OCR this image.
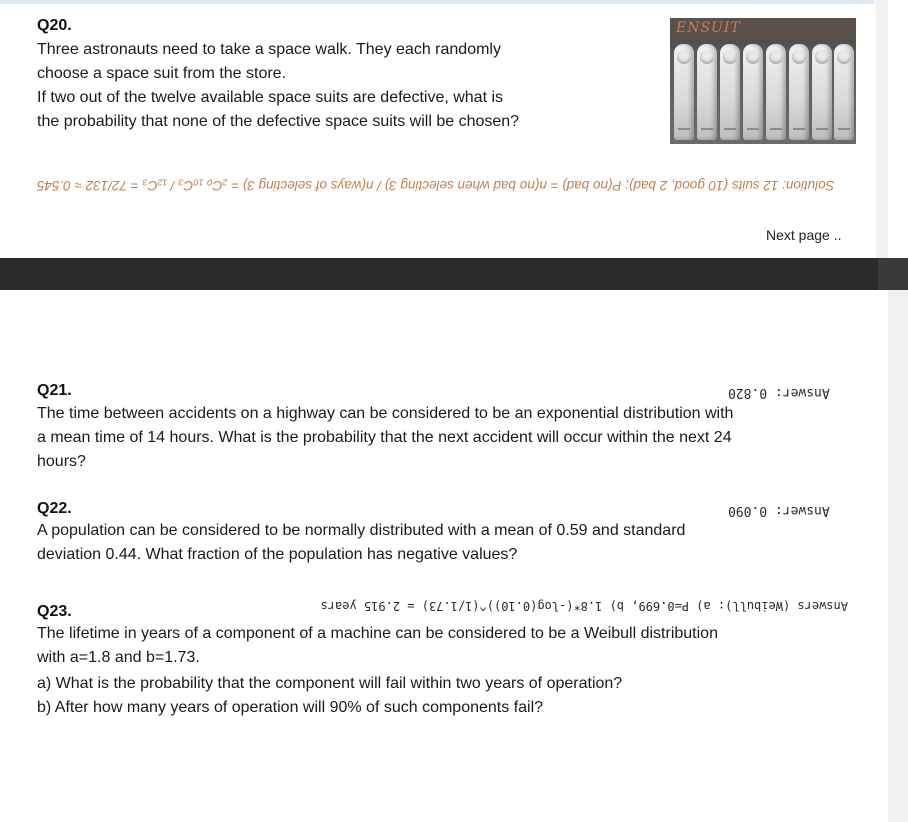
Q20.
Three astronauts need to take a space walk. They each randomly
choose a space suit from the store.
If two out of the twelve available space suits are defective, what is
the probability that none of the defective space suits will be chosen?
ENSUIT
Solution: 12 suits (10 good, 2 bad); P(no bad) = n(no bad when selecting 3) / n(ways of selecting 3) = ₂C₀ ₁₀C₃ / ₁₂C₃ = 72/132 ≈ 0.545
Next page ..
Q21.	Answer: 0.820
The time between accidents on a highway can be considered to be an exponential distribution with
a mean time of 14 hours. What is the probability that the next accident will occur within the next 24
hours?
Q22.	Answer: 0.090
A population can be considered to be normally distributed with a mean of 0.59 and standard
deviation 0.44. What fraction of the population has negative values?
Q23.	Answers (Weibull): a) P=0.699, b) 1.8*(-log(0.10))^(1/1.73) = 2.915 years
The lifetime in years of a component of a machine can be considered to be a Weibull distribution
with a=1.8 and b=1.73.
a) What is the probability that the component will fail within two years of operation?
b) After how many years of operation will 90% of such components fail?
